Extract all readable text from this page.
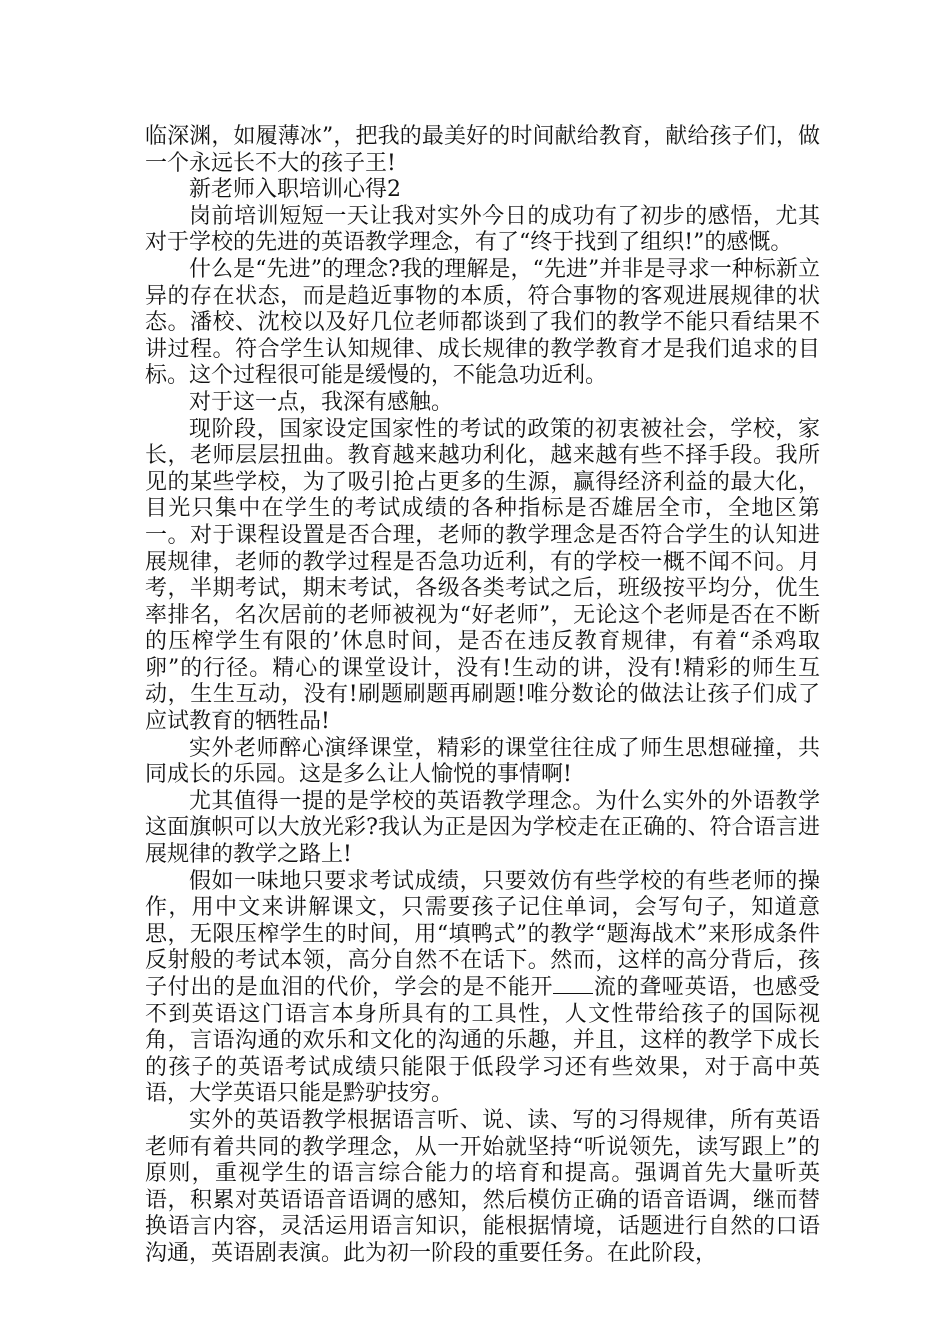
临深渊，如履薄冰”，把我的最美好的时间献给教育，献给孩子们，做一个永远长不大的孩子王!

新老师入职培训心得2

岗前培训短短一天让我对实外今日的成功有了初步的感悟，尤其对于学校的先进的英语教学理念，有了“终于找到了组织!”的感慨。

什么是“先进”的理念?我的理解是，“先进”并非是寻求一种标新立异的存在状态，而是趋近事物的本质，符合事物的客观进展规律的状态。潘校、沈校以及好几位老师都谈到了我们的教学不能只看结果不讲过程。符合学生认知规律、成长规律的教学教育才是我们追求的目标。这个过程很可能是缓慢的，不能急功近利。

对于这一点，我深有感触。

现阶段，国家设定国家性的考试的政策的初衷被社会，学校，家长，老师层层扭曲。教育越来越功利化，越来越有些不择手段。我所见的某些学校，为了吸引抢占更多的生源，赢得经济利益的最大化，目光只集中在学生的考试成绩的各种指标是否雄居全市，全地区第一。对于课程设置是否合理，老师的教学理念是否符合学生的认知进展规律，老师的教学过程是否急功近利，有的学校一概不闻不问。月考，半期考试，期末考试，各级各类考试之后，班级按平均分，优生率排名，名次居前的老师被视为“好老师”，无论这个老师是否在不断的压榨学生有限的’休息时间，是否在违反教育规律，有着“杀鸡取卵”的行径。精心的课堂设计，没有!生动的讲，没有!精彩的师生互动，生生互动，没有!刷题刷题再刷题!唯分数论的做法让孩子们成了应试教育的牺牲品!

实外老师醉心演绎课堂，精彩的课堂往往成了师生思想碰撞，共同成长的乐园。这是多么让人愉悦的事情啊!

尤其值得一提的是学校的英语教学理念。为什么实外的外语教学这面旗帜可以大放光彩?我认为正是因为学校走在正确的、符合语言进展规律的教学之路上!

假如一味地只要求考试成绩，只要效仿有些学校的有些老师的操作，用中文来讲解课文，只需要孩子记住单词，会写句子，知道意思，无限压榨学生的时间，用“填鸭式”的教学“题海战术”来形成条件反射般的考试本领，高分自然不在话下。然而，这样的高分背后，孩子付出的是血泪的代价，学会的是不能开 流的聋哑英语，也感受不到英语这门语言本身所具有的工具性，人文性带给孩子的国际视角，言语沟通的欢乐和文化的沟通的乐趣，并且，这样的教学下成长的孩子的英语考试成绩只能限于低段学习还有些效果，对于高中英语，大学英语只能是黔驴技穷。

实外的英语教学根据语言听、说、读、写的习得规律，所有英语老师有着共同的教学理念，从一开始就坚持“听说领先，读写跟上”的原则，重视学生的语言综合能力的培育和提高。强调首先大量听英语，积累对英语语音语调的感知，然后模仿正确的语音语调，继而替换语言内容，灵活运用语言知识，能根据情境，话题进行自然的口语沟通，英语剧表演。此为初一阶段的重要任务。在此阶段，
